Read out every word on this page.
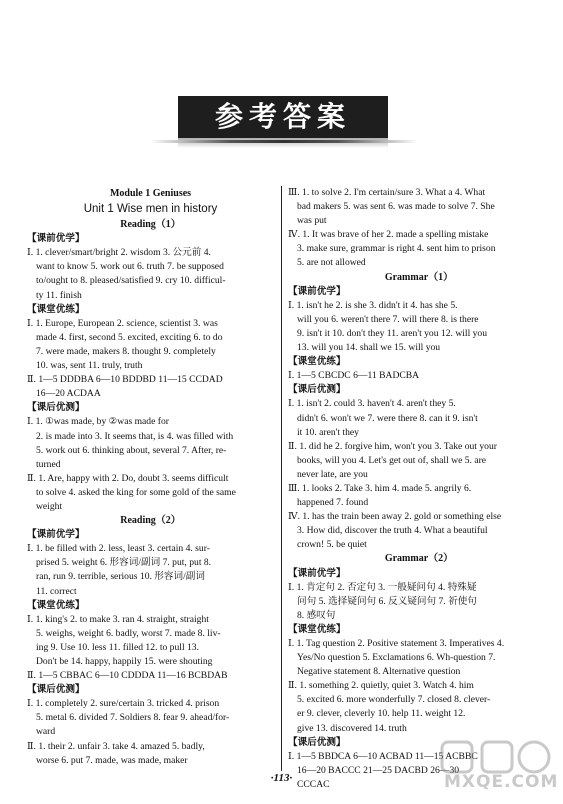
参考答案
Module 1 Geniuses
Unit 1 Wise men in history
Reading（1）
【课前优学】
Ⅰ. 1. clever/smart/bright 2. wisdom 3. 公元前 4.
want to know 5. work out 6. truth 7. be supposed
to/ought to 8. pleased/satisfied 9. cry 10. difficul-
ty 11. finish
【课堂优练】
Ⅰ. 1. Europe, European 2. science, scientist 3. was
made 4. first, second 5. excited, exciting 6. to do
7. were made, makers 8. thought 9. completely
10. was, sent 11. truly, truth
Ⅱ. 1—5 DDDBA 6—10 BDDBD 11—15 CCDAD
16—20 ACDAA
【课后优测】
Ⅰ. 1. ①was made, by ②was made for
2. is made into 3. It seems that, is 4. was filled with
5. work out 6. thinking about, several 7. After, re-
turned
Ⅱ. 1. Are, happy with 2. Do, doubt 3. seems difficult
to solve 4. asked the king for some gold of the same
weight
Reading（2）
【课前优学】
Ⅰ. 1. be filled with 2. less, least 3. certain 4. sur-
prised 5. weight 6. 形容词/副词 7. put, put 8.
ran, run 9. terrible, serious 10. 形容词/副词
11. correct
【课堂优练】
Ⅰ. 1. king's 2. to make 3. ran 4. straight, straight
5. weighs, weight 6. badly, worst 7. made 8. liv-
ing 9. Use 10. less 11. filled 12. to pull 13.
Don't be 14. happy, happily 15. were shouting
Ⅱ. 1—5 CBBAC 6—10 CDDDA 11—16 BCBDAB
【课后优测】
Ⅰ. 1. completely 2. sure/certain 3. tricked 4. prison
5. metal 6. divided 7. Soldiers 8. fear 9. ahead/for-
ward
Ⅱ. 1. their 2. unfair 3. take 4. amazed 5. badly,
worse 6. put 7. made, was made, maker
Ⅲ. 1. to solve 2. I'm certain/sure 3. What a 4. What
bad makers 5. was sent 6. was made to solve 7. She
was put
Ⅳ. 1. It was brave of her 2. made a spelling mistake
3. make sure, grammar is right 4. sent him to prison
5. are not allowed
Grammar（1）
【课前优学】
Ⅰ. 1. isn't he 2. is she 3. didn't it 4. has she 5.
will you 6. weren't there 7. will there 8. is there
9. isn't it 10. don't they 11. aren't you 12. will you
13. will you 14. shall we 15. will you
【课堂优练】
Ⅰ. 1—5 CBCDC 6—11 BADCBA
【课后优测】
Ⅰ. 1. isn't 2. could 3. haven't 4. aren't they 5.
didn't 6. won't we 7. were there 8. can it 9. isn't
it 10. aren't they
Ⅱ. 1. did he 2. forgive him, won't you 3. Take out your
books, will you 4. Let's get out of, shall we 5. are
never late, are you
Ⅲ. 1. looks 2. Take 3. him 4. made 5. angrily 6.
happened 7. found
Ⅳ. 1. has the train been away 2. gold or something else
3. How did, discover the truth 4. What a beautiful
crown! 5. be quiet
Grammar（2）
【课前优学】
Ⅰ. 1. 肯定句 2. 否定句 3. 一般疑问句 4. 特殊疑
问句 5. 选择疑问句 6. 反义疑问句 7. 祈使句
8. 感叹句
【课堂优练】
Ⅰ. 1. Tag question 2. Positive statement 3. Imperatives 4.
Yes/No question 5. Exclamations 6. Wh-question 7.
Negative statement 8. Alternative question
Ⅱ. 1. something 2. quietly, quiet 3. Watch 4. him
5. excited 6. more wonderfully 7. closed 8. clever-
er 9. clever, cleverly 10. help 11. weight 12.
give 13. discovered 14. truth
【课后优测】
Ⅰ. 1—5 BBDCA 6—10 ACBAD 11—15 ACBBC
16—20 BACCC 21—25 DACBD 26—30
CCCAC
·113·	MXQE.COM
